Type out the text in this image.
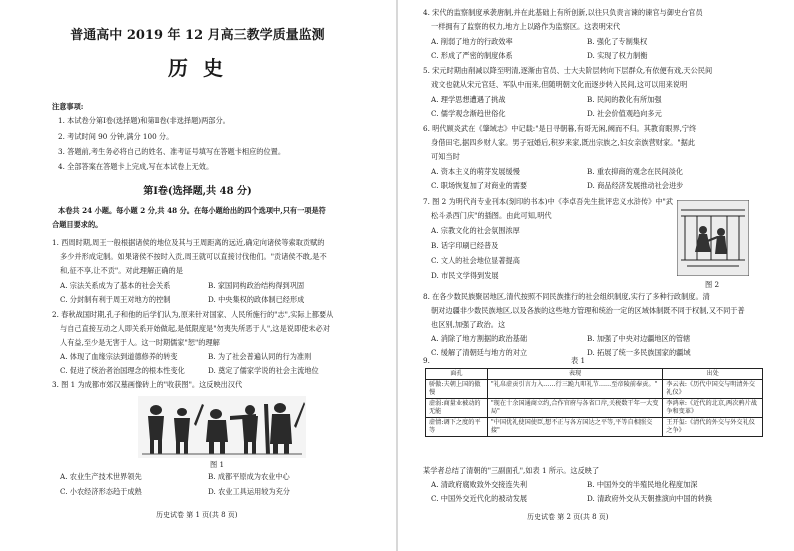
普通高中 2019 年 12 月高三教学质量监测
历 史
注意事项:
1. 本试卷分第Ⅰ卷(选择题)和第Ⅱ卷(非选择题)两部分。
2. 考试时间 90 分钟,满分 100 分。
3. 答题前,考生务必将自己的姓名、准考证号填写在答题卡相应的位置。
4. 全部答案在答题卡上完成,写在本试卷上无效。
第Ⅰ卷(选择题,共 48 分)
本卷共 24 小题。每小题 2 分,共 48 分。在每小题给出的四个选项中,只有一项是符
合题目要求的。
1. 西周时期,周王一般根据诸侯的地位及其与王周距离的远近,确定向诸侯等索取贡赋的
多少并形成定制。如果诸侯不按时入贡,周王就可以直接讨伐他们。"贡诸侯不敢,是不
和,征不享,让不贡"。对此理解正确的是
A. 宗法关系成为了基本的社会关系	B. 家国同构政治结构得到巩固
C. 分封制有利于周王对地方的控制	D. 中央集权的政体制已经形成
2. 春秋战国时期,孔子和他的后学们认为,原来针对国家、人民所施行的"志",实际上都要从
与自己直接互动之人即关系开始做起,是低限度是"勿夷失所恶于人",这是说即使未必对
人有益,至少是无害于人。这一时期儒家"恕"的理解
A. 体现了血缘宗法到道德修养的转变	B. 为了社会普遍认同的行为准则
C. 促进了统治者治国理念的根本性变化	D. 奠定了儒家学说的社会主流地位
3. 图 1 为成都市郊汉墓画像砖上的"收获图"。这反映出汉代
图 1
A. 农业生产技术世界领先	B. 成都平原成为农业中心
C. 小农经济形态趋于成熟	D. 农业工具运用较为充分
历史试卷 第 1 页(共 8 页)
4. 宋代的监察制度承袭唐制,并在此基础上有所创新,以往只负责言谏的谏官与御史台官员
一样拥有了监察的权力,地方上以路作为监察区。这表明宋代
A. 削弱了地方的行政效率	B. 强化了专制集权
C. 形成了严密的制度体系	D. 实现了权力制衡
5. 宋元时期由削减以降至明清,逐渐由官员、士大夫阶层转向下层群众,有依便有戏,天公民间
戏文也就从宋元官廷、军队中而来,但随明朝文化而逐步转入民间,这可以用来说明
A. 理学思想遭遇了挑战	B. 民间的教化有所加强
C. 儒学观念渐趋世俗化	D. 社会价值观趋向多元
6. 明代顾炎武在《肇域志》中记载:"是日寻朝暮,有哥无闲,阙而不归。其教育眼界,宁终
身借田宅,据四乡财人家。男子冠婚后,积岁来家,既出宗族之,妇女亲族营财家。"据此
可知当时
A. 资本主义的萌芽发展缓慢	B. 重农抑商的观念在民间淡化
C. 职场恢复加了对商业的需要	D. 商品经济发展推动社会进步
7. 图 2 为明代肖专业刊本(刻印的书本)中《李卓吾先生批评忠义水浒传》中"武
松斗杀西门庆"的插图。由此可知,明代
A. 宗教文化的社会氛围浓厚
B. 话字印刷已经普及
C. 文人的社会地位显著提高
D. 市民文学得到发展
图 2
8. 在各少数民族聚居地区,清代按照不同民族推行的社会组织制度,实行了多种行政制度。清
朝对边疆非少数民族地区,以及各族的这些地方管理和统治一定的区域体制既不同于权制,又不同于普
也区别,加强了政治。这
A. 消除了地方割据的政治基础	B. 加强了中央对边疆地区的管辖
C. 缓解了清朝廷与地方的对立	D. 拓展了统一多民族国家的疆域
9.	表 1
面孔	表现	出处
骄傲:夫朝上国的傲慢	"礼帛虚贡引言力入……行三跪九叩礼节……至帝陵前奉贡。"	李云表:《历代中国交与明清外交礼仪》
虚弱:商量业被动的无能	"现在十余国通商立约,合作官府与各省口岸,关税数干年一大变局"	李鸿章:《近代的北京,两次鸦片战争和变革》
虚情:调下之度的平等	"中国优礼使国使臣,想不正与各方国达之平等,平等自相照交接"	王开玺:《清代的外交与外交礼仪之争》
某学者总结了清朝的"三副面孔",如表 1 所示。这反映了
A. 清政府腐败致外交接连失利	B. 中国外交的半殖民地化程度加深
C. 中国外交近代化的被动发展	D. 清政府外交从天朝推演向中国的转换
历史试卷 第 2 页(共 8 页)
